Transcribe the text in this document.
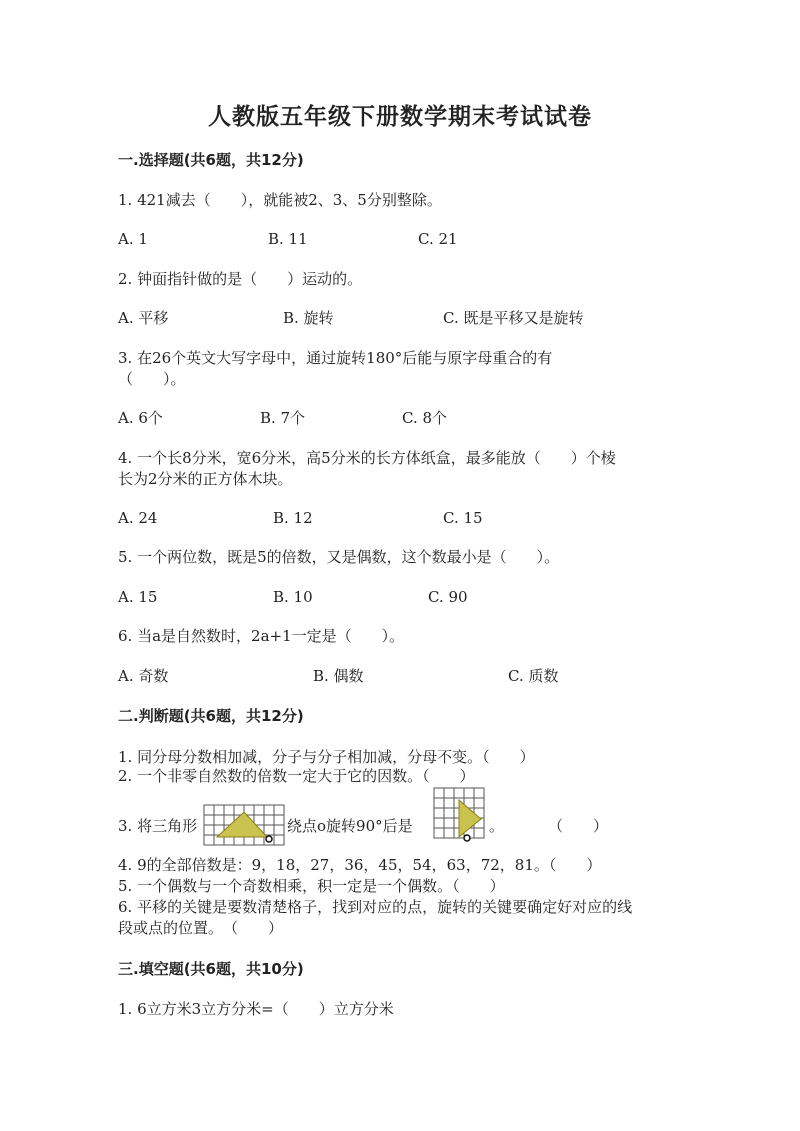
人教版五年级下册数学期末考试试卷
一.选择题(共6题，共12分)
1. 421减去（　　），就能被2、3、5分别整除。
A. 1	B. 11	C. 21
2. 钟面指针做的是（　　）运动的。
A. 平移	B. 旋转	C. 既是平移又是旋转
3. 在26个英文大写字母中，通过旋转180°后能与原字母重合的有
（　　）。
A. 6个	B. 7个	C. 8个
4. 一个长8分米，宽6分米，高5分米的长方体纸盒，最多能放（　　）个棱
长为2分米的正方体木块。
A. 24	B. 12	C. 15
5. 一个两位数，既是5的倍数，又是偶数，这个数最小是（　　）。
A. 15	B. 10	C. 90
6. 当a是自然数时，2a+1一定是（　　）。
A. 奇数	B. 偶数	C. 质数
二.判断题(共6题，共12分)
1. 同分母分数相加减，分子与分子相加减，分母不变。（　　）
2. 一个非零自然数的倍数一定大于它的因数。（　　）
3. 将三角形	绕点o旋转90°后是	。	（　　）
4. 9的全部倍数是：9，18，27，36，45，54，63，72，81。（　　）
5. 一个偶数与一个奇数相乘，积一定是一个偶数。（　　）
6. 平移的关键是要数清楚格子，找到对应的点，旋转的关键要确定好对应的线
段或点的位置。　（　　）
三.填空题(共6题，共10分)
1. 6立方米3立方分米=（　　）立方分米
